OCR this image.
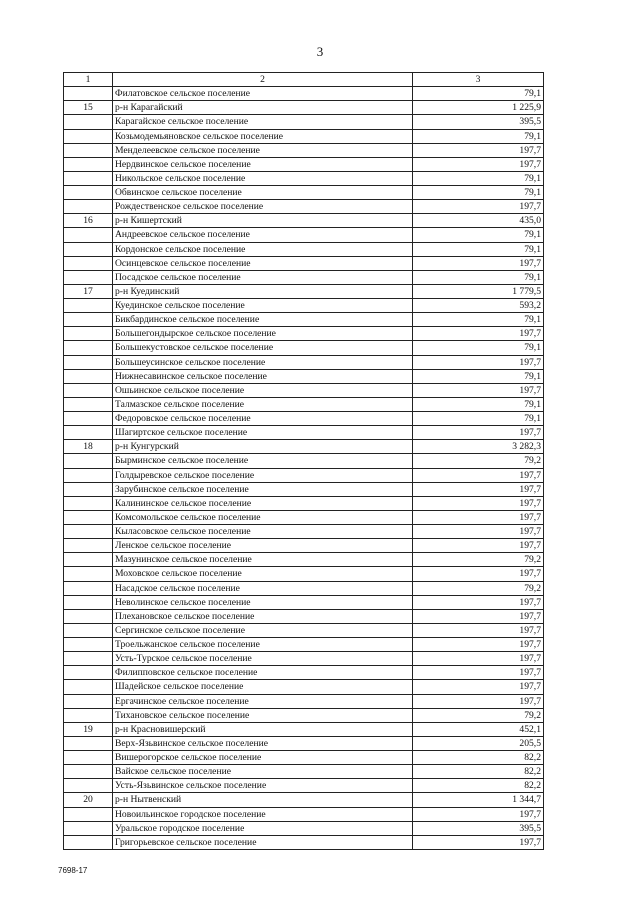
3
1	2	3
	Филатовское сельское поселение	79,1
15	р-н Карагайский	1 225,9
	Карагайское сельское поселение	395,5
	Козьмодемьяновское сельское поселение	79,1
	Менделеевское сельское поселение	197,7
	Нердвинское сельское поселение	197,7
	Никольское сельское поселение	79,1
	Обвинское сельское поселение	79,1
	Рождественское сельское поселение	197,7
16	р-н Кишертский	435,0
	Андреевское сельское поселение	79,1
	Кордонское сельское поселение	79,1
	Осинцевское сельское поселение	197,7
	Посадское сельское поселение	79,1
17	р-н Куединский	1 779,5
	Куединское сельское поселение	593,2
	Бикбардинское сельское поселение	79,1
	Большегондырское сельское поселение	197,7
	Большекустовское сельское поселение	79,1
	Большеусинское сельское поселение	197,7
	Нижнесавинское сельское поселение	79,1
	Ошьинское сельское поселение	197,7
	Талмазское сельское поселение	79,1
	Федоровское сельское поселение	79,1
	Шагиртское сельское поселение	197,7
18	р-н Кунгурский	3 282,3
	Бырминское сельское поселение	79,2
	Голдыревское сельское поселение	197,7
	Зарубинское сельское поселение	197,7
	Калининское сельское поселение	197,7
	Комсомольское сельское поселение	197,7
	Кыласовское сельское поселение	197,7
	Ленское сельское поселение	197,7
	Мазунинское сельское поселение	79,2
	Моховское сельское поселение	197,7
	Насадское сельское поселение	79,2
	Неволинское сельское поселение	197,7
	Плехановское сельское поселение	197,7
	Сергинское сельское поселение	197,7
	Троельжанское сельское поселение	197,7
	Усть-Турское сельское поселение	197,7
	Филипповское сельское поселение	197,7
	Шадейское сельское поселение	197,7
	Ергачинское сельское поселение	197,7
	Тихановское сельское поселение	79,2
19	р-н Красновишерский	452,1
	Верх-Язьвинское сельское поселение	205,5
	Вишерогорское сельское поселение	82,2
	Вайское сельское поселение	82,2
	Усть-Язьвинское сельское поселение	82,2
20	р-н Нытвенский	1 344,7
	Новоильинское городское поселение	197,7
	Уральское городское поселение	395,5
	Григорьевское сельское поселение	197,7
7698-17
